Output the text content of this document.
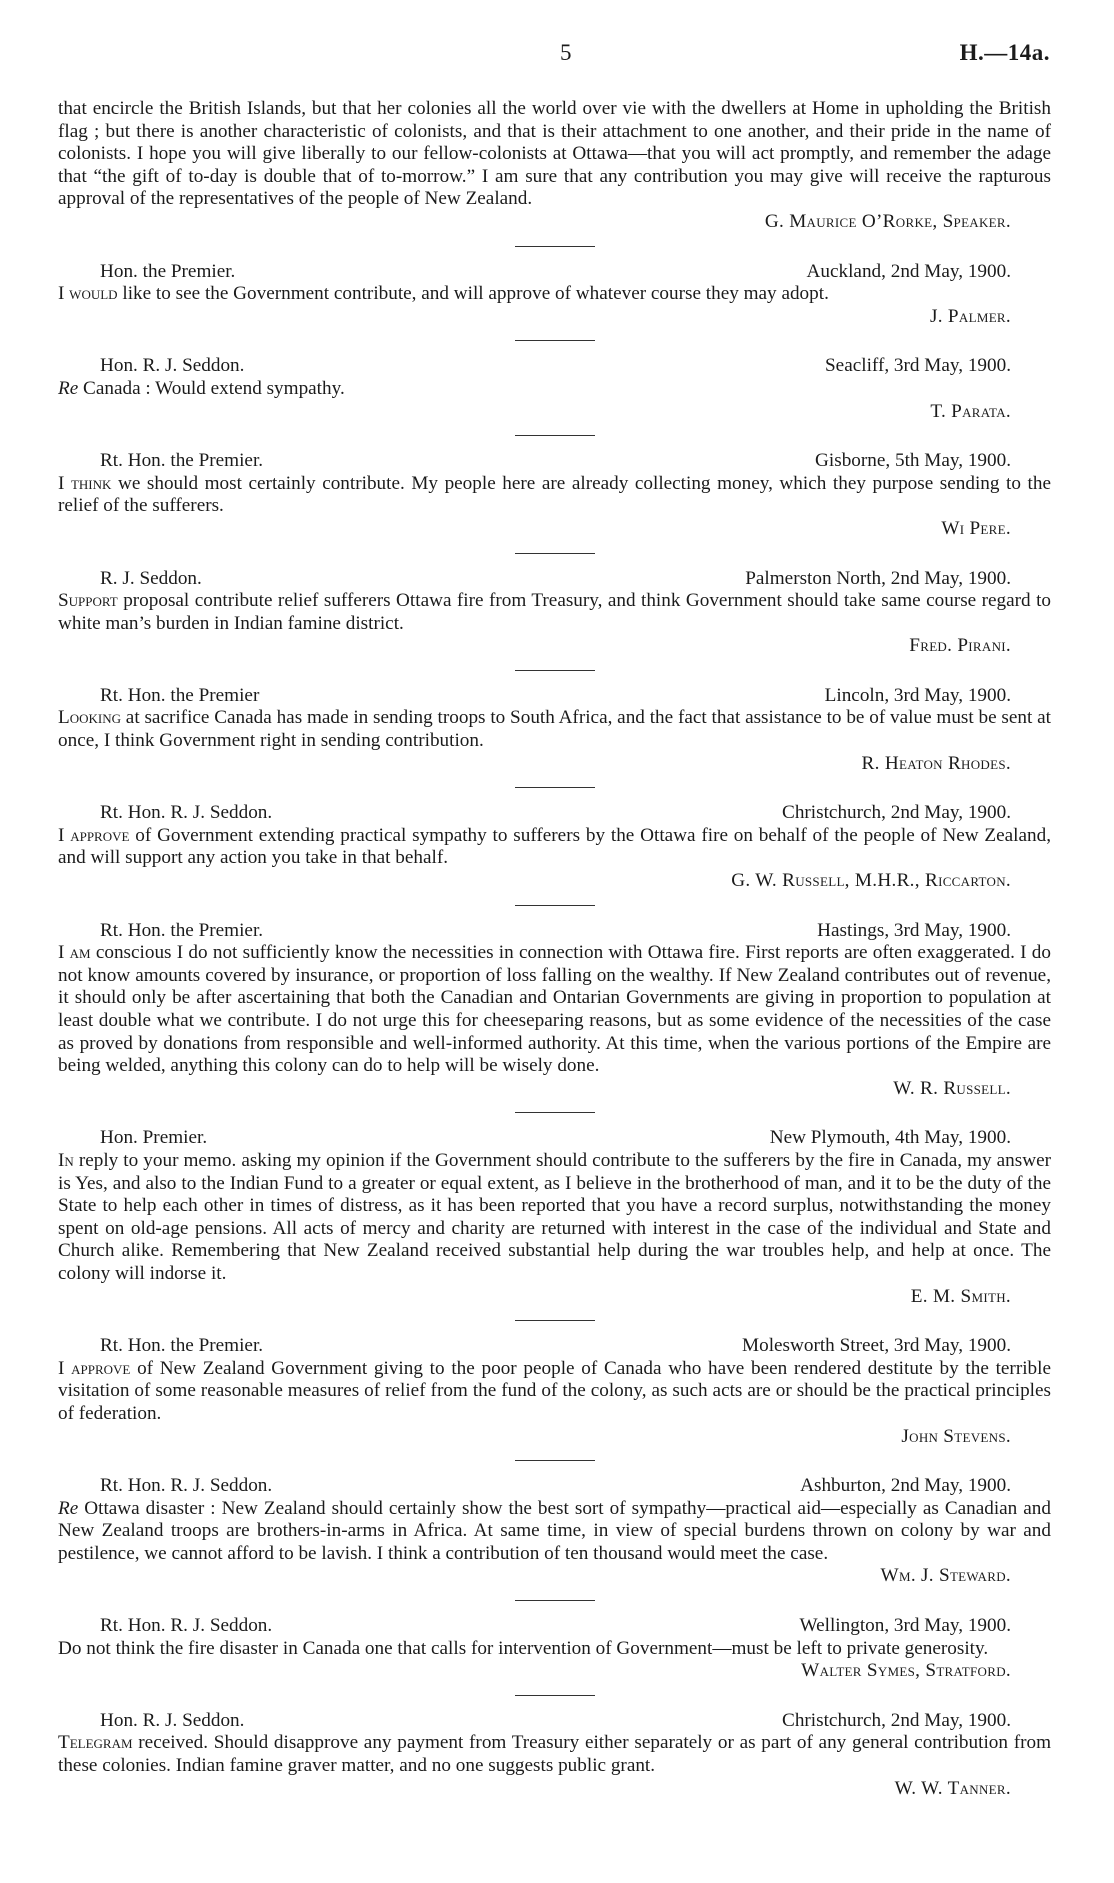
5	H.—14a.

that encircle the British Islands, but that her colonies all the world over vie with the dwellers at Home in upholding the British flag ; but there is another characteristic of colonists, and that is their attachment to one another, and their pride in the name of colonists. I hope you will give liberally to our fellow-colonists at Ottawa—that you will act promptly, and remember the adage that “the gift of to-day is double that of to-morrow.” I am sure that any contribution you may give will receive the rapturous approval of the representatives of the people of New Zealand.

G. Maurice O’Rorke, Speaker.

Hon. the Premier.	Auckland, 2nd May, 1900.

I would like to see the Government contribute, and will approve of whatever course they may adopt.

J. Palmer.

Hon. R. J. Seddon.	Seacliff, 3rd May, 1900.

Re Canada : Would extend sympathy.

T. Parata.

Rt. Hon. the Premier.	Gisborne, 5th May, 1900.

I think we should most certainly contribute. My people here are already collecting money, which they purpose sending to the relief of the sufferers.

Wi Pere.

R. J. Seddon.	Palmerston North, 2nd May, 1900.

Support proposal contribute relief sufferers Ottawa fire from Treasury, and think Government should take same course regard to white man’s burden in Indian famine district.

Fred. Pirani.

Rt. Hon. the Premier	Lincoln, 3rd May, 1900.

Looking at sacrifice Canada has made in sending troops to South Africa, and the fact that assistance to be of value must be sent at once, I think Government right in sending contribution.

R. Heaton Rhodes.

Rt. Hon. R. J. Seddon.	Christchurch, 2nd May, 1900.

I approve of Government extending practical sympathy to sufferers by the Ottawa fire on behalf of the people of New Zealand, and will support any action you take in that behalf.

G. W. Russell, M.H.R., Riccarton.

Rt. Hon. the Premier.	Hastings, 3rd May, 1900.

I am conscious I do not sufficiently know the necessities in connection with Ottawa fire. First reports are often exaggerated. I do not know amounts covered by insurance, or proportion of loss falling on the wealthy. If New Zealand contributes out of revenue, it should only be after ascertaining that both the Canadian and Ontarian Governments are giving in proportion to population at least double what we contribute. I do not urge this for cheeseparing reasons, but as some evidence of the necessities of the case as proved by donations from responsible and well-informed authority. At this time, when the various portions of the Empire are being welded, anything this colony can do to help will be wisely done.

W. R. Russell.

Hon. Premier.	New Plymouth, 4th May, 1900.

In reply to your memo. asking my opinion if the Government should contribute to the sufferers by the fire in Canada, my answer is Yes, and also to the Indian Fund to a greater or equal extent, as I believe in the brotherhood of man, and it to be the duty of the State to help each other in times of distress, as it has been reported that you have a record surplus, notwithstanding the money spent on old-age pensions. All acts of mercy and charity are returned with interest in the case of the individual and State and Church alike. Remembering that New Zealand received substantial help during the war troubles help, and help at once. The colony will indorse it.

E. M. Smith.

Rt. Hon. the Premier.	Molesworth Street, 3rd May, 1900.

I approve of New Zealand Government giving to the poor people of Canada who have been rendered destitute by the terrible visitation of some reasonable measures of relief from the fund of the colony, as such acts are or should be the practical principles of federation.

John Stevens.

Rt. Hon. R. J. Seddon.	Ashburton, 2nd May, 1900.

Re Ottawa disaster : New Zealand should certainly show the best sort of sympathy—practical aid—especially as Canadian and New Zealand troops are brothers-in-arms in Africa. At same time, in view of special burdens thrown on colony by war and pestilence, we cannot afford to be lavish. I think a contribution of ten thousand would meet the case.

Wm. J. Steward.

Rt. Hon. R. J. Seddon.	Wellington, 3rd May, 1900.

Do not think the fire disaster in Canada one that calls for intervention of Government—must be left to private generosity.

Walter Symes, Stratford.

Hon. R. J. Seddon.	Christchurch, 2nd May, 1900.

Telegram received. Should disapprove any payment from Treasury either separately or as part of any general contribution from these colonies. Indian famine graver matter, and no one suggests public grant.

W. W. Tanner.
